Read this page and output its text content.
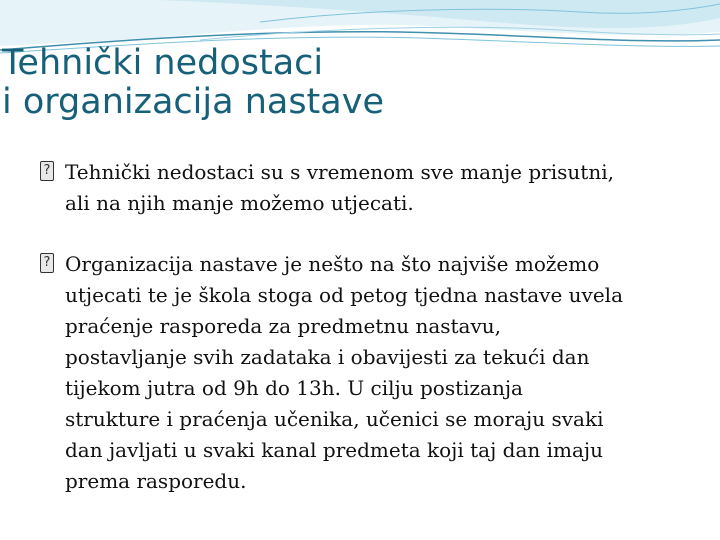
Tehnički nedostaci
i organizacija nastave
? Tehnički nedostaci su s vremenom sve manje prisutni,
ali na njih manje možemo utjecati.

? Organizacija nastave je nešto na što najviše možemo
utjecati te je škola stoga od petog tjedna nastave uvela
praćenje rasporeda za predmetnu nastavu,
postavljanje svih zadataka i obavijesti za tekući dan
tijekom jutra od 9h do 13h. U cilju postizanja
strukture i praćenja učenika, učenici se moraju svaki
dan javljati u svaki kanal predmeta koji taj dan imaju
prema rasporedu.
